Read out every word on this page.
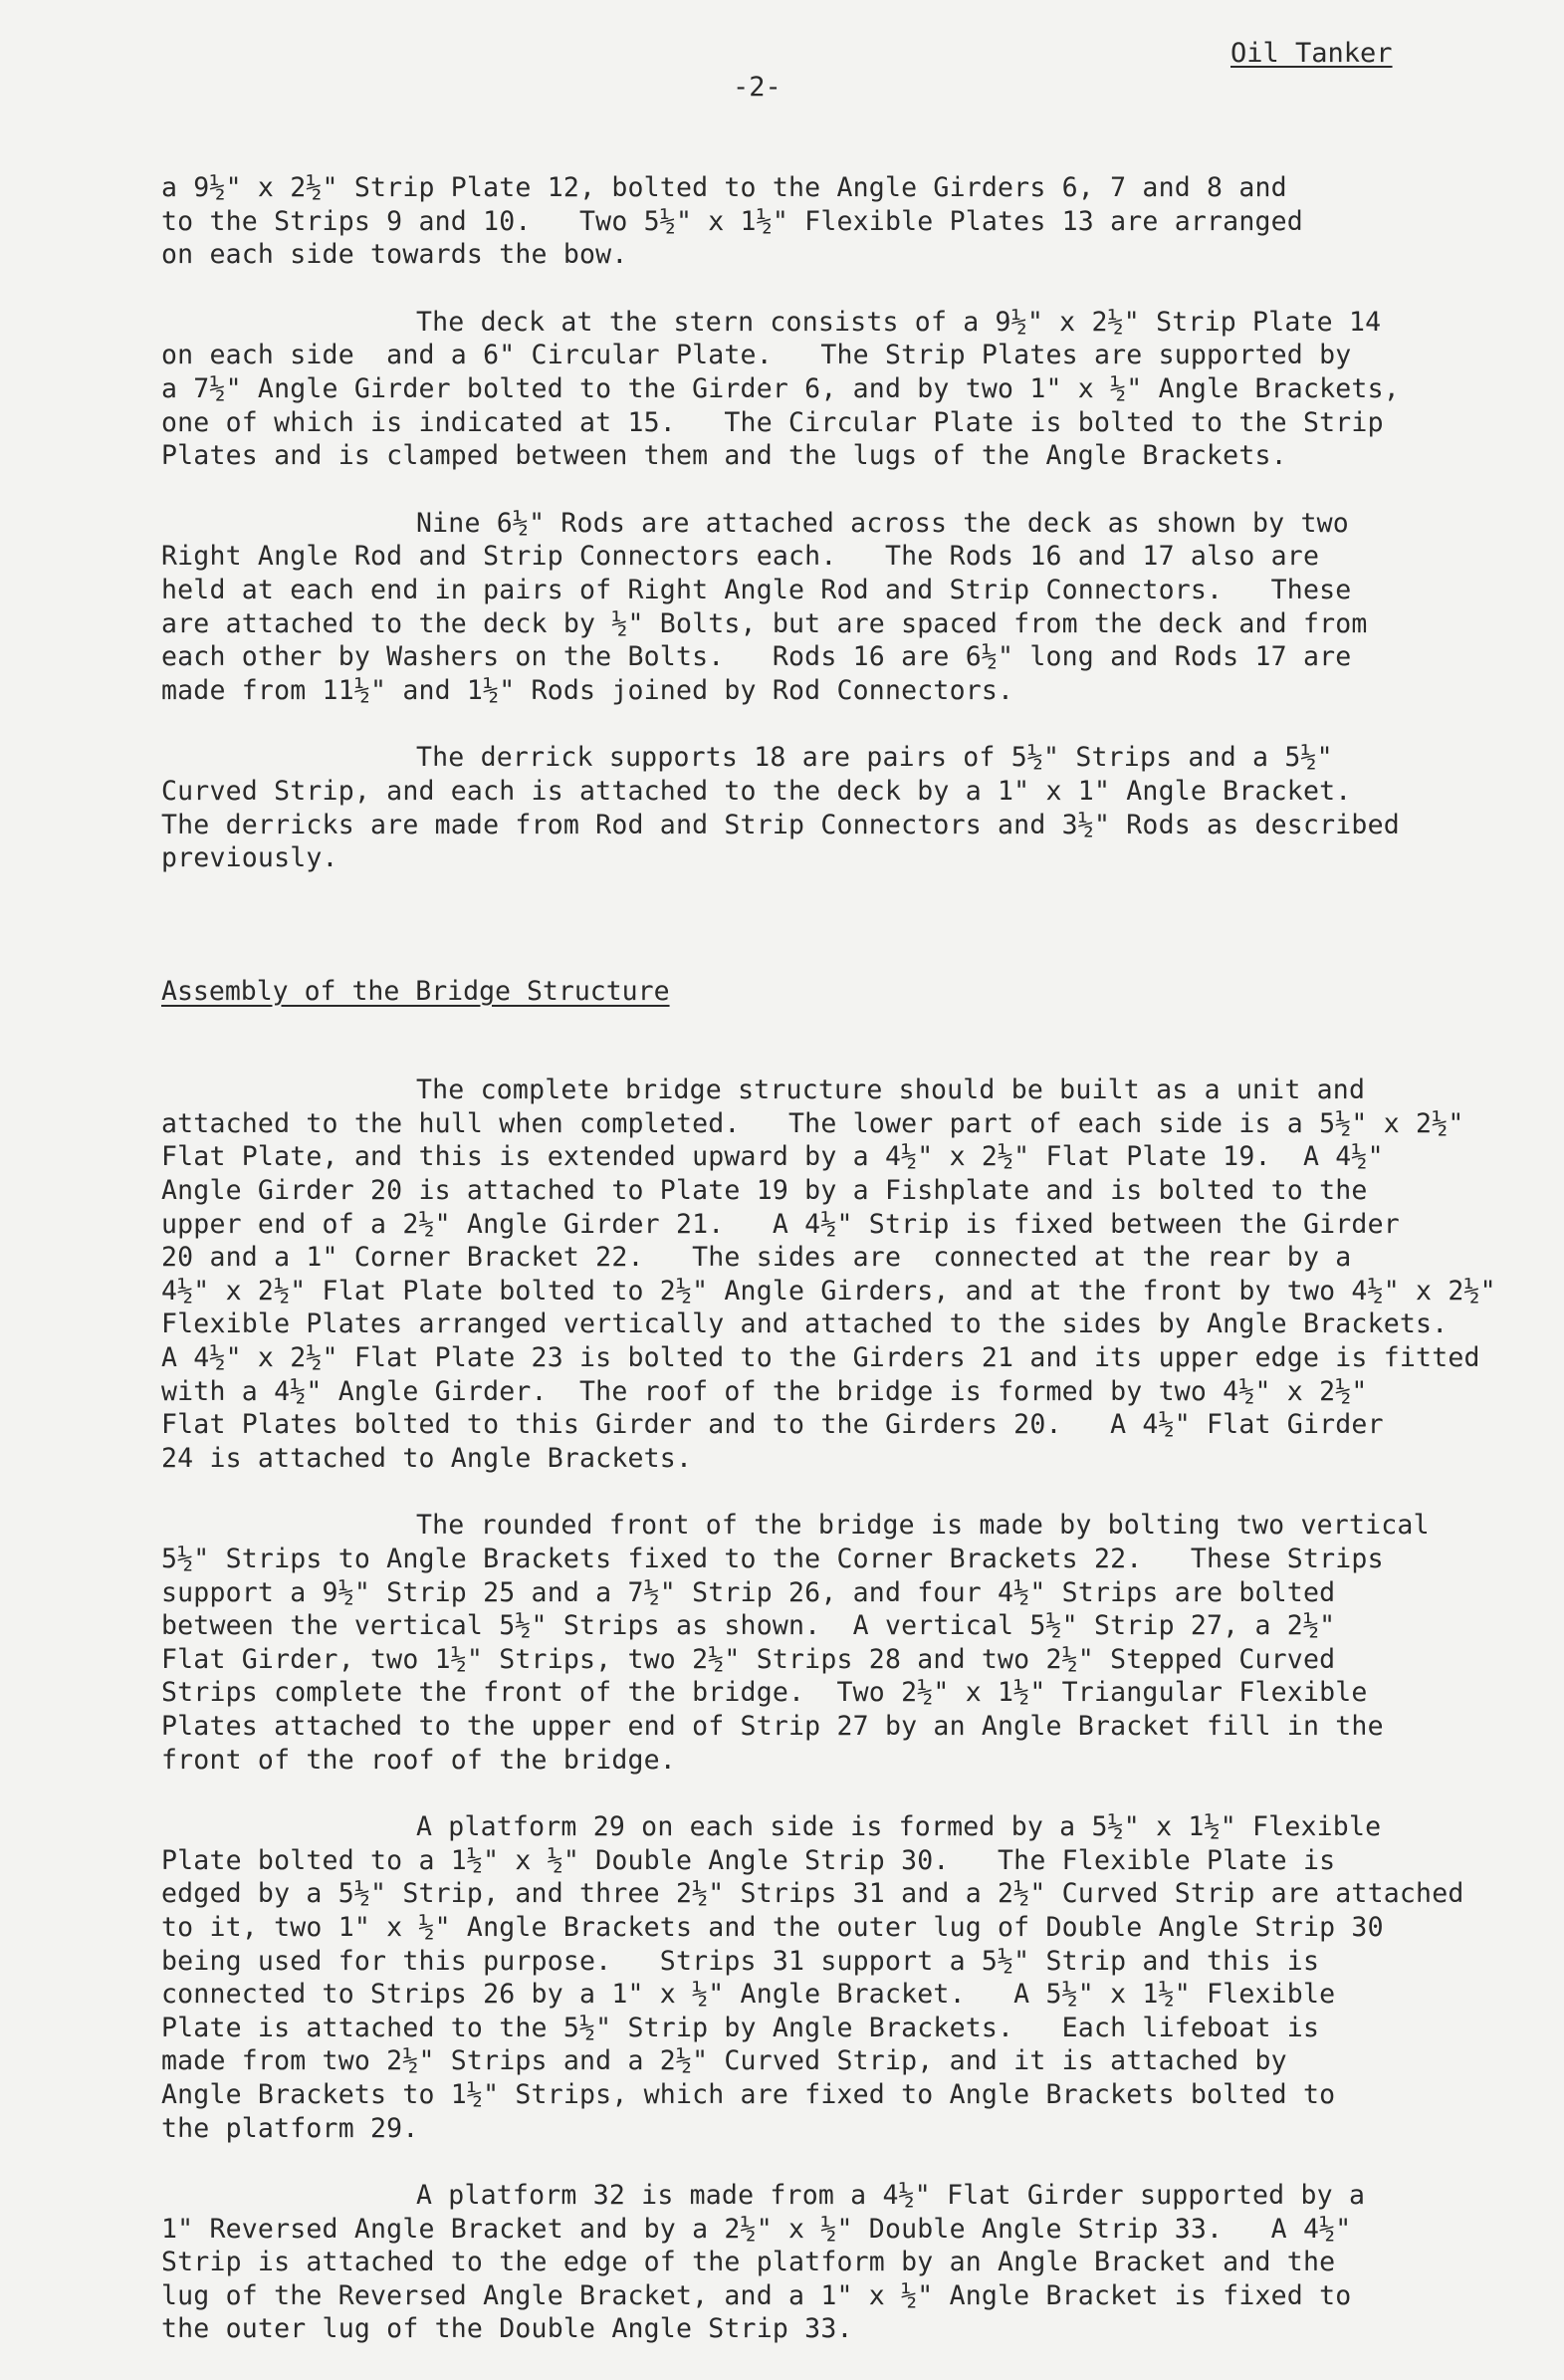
Oil Tanker
-2-
a 9½" x 2½" Strip Plate 12, bolted to the Angle Girders 6, 7 and 8 and
to the Strips 9 and 10.   Two 5½" x 1½" Flexible Plates 13 are arranged
on each side towards the bow.
The deck at the stern consists of a 9½" x 2½" Strip Plate 14
on each side  and a 6" Circular Plate.   The Strip Plates are supported by
a 7½" Angle Girder bolted to the Girder 6, and by two 1" x ½" Angle Brackets,
one of which is indicated at 15.   The Circular Plate is bolted to the Strip
Plates and is clamped between them and the lugs of the Angle Brackets.
Nine 6½" Rods are attached across the deck as shown by two
Right Angle Rod and Strip Connectors each.   The Rods 16 and 17 also are
held at each end in pairs of Right Angle Rod and Strip Connectors.   These
are attached to the deck by ½" Bolts, but are spaced from the deck and from
each other by Washers on the Bolts.   Rods 16 are 6½" long and Rods 17 are
made from 11½" and 1½" Rods joined by Rod Connectors.
The derrick supports 18 are pairs of 5½" Strips and a 5½"
Curved Strip, and each is attached to the deck by a 1" x 1" Angle Bracket.
The derricks are made from Rod and Strip Connectors and 3½" Rods as described
previously.
Assembly of the Bridge Structure
The complete bridge structure should be built as a unit and
attached to the hull when completed.   The lower part of each side is a 5½" x 2½"
Flat Plate, and this is extended upward by a 4½" x 2½" Flat Plate 19.  A 4½"
Angle Girder 20 is attached to Plate 19 by a Fishplate and is bolted to the
upper end of a 2½" Angle Girder 21.   A 4½" Strip is fixed between the Girder
20 and a 1" Corner Bracket 22.   The sides are  connected at the rear by a
4½" x 2½" Flat Plate bolted to 2½" Angle Girders, and at the front by two 4½" x 2½"
Flexible Plates arranged vertically and attached to the sides by Angle Brackets.
A 4½" x 2½" Flat Plate 23 is bolted to the Girders 21 and its upper edge is fitted
with a 4½" Angle Girder.  The roof of the bridge is formed by two 4½" x 2½"
Flat Plates bolted to this Girder and to the Girders 20.   A 4½" Flat Girder
24 is attached to Angle Brackets.
The rounded front of the bridge is made by bolting two vertical
5½" Strips to Angle Brackets fixed to the Corner Brackets 22.   These Strips
support a 9½" Strip 25 and a 7½" Strip 26, and four 4½" Strips are bolted
between the vertical 5½" Strips as shown.  A vertical 5½" Strip 27, a 2½"
Flat Girder, two 1½" Strips, two 2½" Strips 28 and two 2½" Stepped Curved
Strips complete the front of the bridge.  Two 2½" x 1½" Triangular Flexible
Plates attached to the upper end of Strip 27 by an Angle Bracket fill in the
front of the roof of the bridge.
A platform 29 on each side is formed by a 5½" x 1½" Flexible
Plate bolted to a 1½" x ½" Double Angle Strip 30.   The Flexible Plate is
edged by a 5½" Strip, and three 2½" Strips 31 and a 2½" Curved Strip are attached
to it, two 1" x ½" Angle Brackets and the outer lug of Double Angle Strip 30
being used for this purpose.   Strips 31 support a 5½" Strip and this is
connected to Strips 26 by a 1" x ½" Angle Bracket.   A 5½" x 1½" Flexible
Plate is attached to the 5½" Strip by Angle Brackets.   Each lifeboat is
made from two 2½" Strips and a 2½" Curved Strip, and it is attached by
Angle Brackets to 1½" Strips, which are fixed to Angle Brackets bolted to
the platform 29.
A platform 32 is made from a 4½" Flat Girder supported by a
1" Reversed Angle Bracket and by a 2½" x ½" Double Angle Strip 33.   A 4½"
Strip is attached to the edge of the platform by an Angle Bracket and the
lug of the Reversed Angle Bracket, and a 1" x ½" Angle Bracket is fixed to
the outer lug of the Double Angle Strip 33.
